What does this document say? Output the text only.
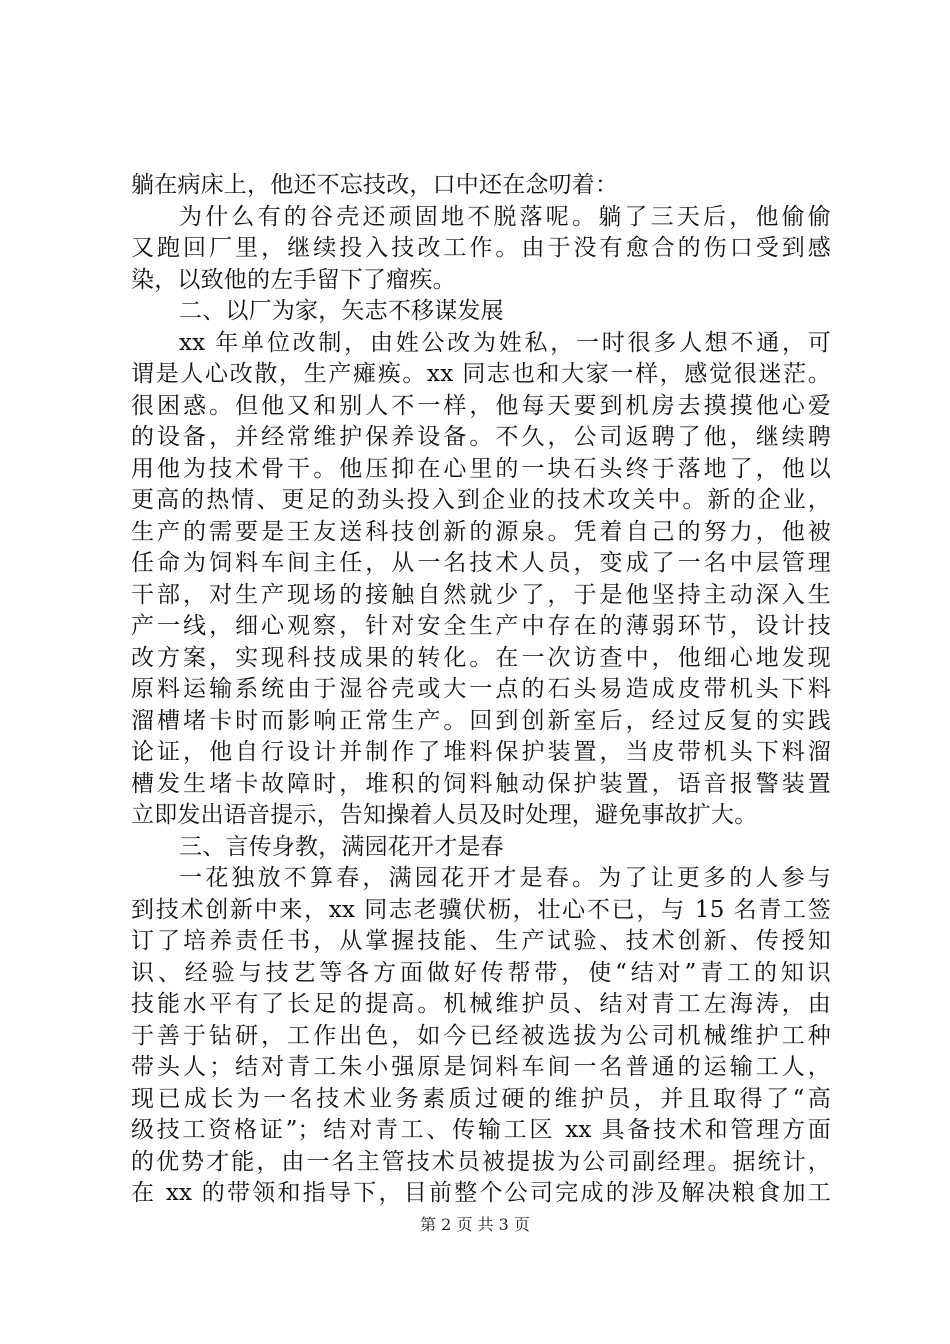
躺在病床上，他还不忘技改，口中还在念叨着：
为什么有的谷壳还顽固地不脱落呢。躺了三天后，他偷偷
又跑回厂里，继续投入技改工作。由于没有愈合的伤口受到感
染，以致他的左手留下了瘤疾。
二、以厂为家，矢志不移谋发展
xx 年单位改制，由姓公改为姓私，一时很多人想不通，可
谓是人心改散，生产瘫痪。xx 同志也和大家一样，感觉很迷茫。
很困惑。但他又和别人不一样，他每天要到机房去摸摸他心爱
的设备，并经常维护保养设备。不久，公司返聘了他，继续聘
用他为技术骨干。他压抑在心里的一块石头终于落地了，他以
更高的热情、更足的劲头投入到企业的技术攻关中。新的企业，
生产的需要是王友送科技创新的源泉。凭着自己的努力，他被
任命为饲料车间主任，从一名技术人员，变成了一名中层管理
干部，对生产现场的接触自然就少了，于是他坚持主动深入生
产一线，细心观察，针对安全生产中存在的薄弱环节，设计技
改方案，实现科技成果的转化。在一次访查中，他细心地发现
原料运输系统由于湿谷壳或大一点的石头易造成皮带机头下料
溜槽堵卡时而影响正常生产。回到创新室后，经过反复的实践
论证，他自行设计并制作了堆料保护装置，当皮带机头下料溜
槽发生堵卡故障时，堆积的饲料触动保护装置，语音报警装置
立即发出语音提示，告知操着人员及时处理，避免事故扩大。
三、言传身教，满园花开才是春
一花独放不算春，满园花开才是春。为了让更多的人参与
到技术创新中来，xx 同志老骥伏枥，壮心不已，与 15 名青工签
订了培养责任书，从掌握技能、生产试验、技术创新、传授知
识、经验与技艺等各方面做好传帮带，使“结对”青工的知识
技能水平有了长足的提高。机械维护员、结对青工左海涛，由
于善于钻研，工作出色，如今已经被选拔为公司机械维护工种
带头人；结对青工朱小强原是饲料车间一名普通的运输工人，
现已成长为一名技术业务素质过硬的维护员，并且取得了“高
级技工资格证”；结对青工、传输工区 xx 具备技术和管理方面
的优势才能，由一名主管技术员被提拔为公司副经理。据统计，
在 xx 的带领和指导下，目前整个公司完成的涉及解决粮食加工
第 2 页 共 3 页
